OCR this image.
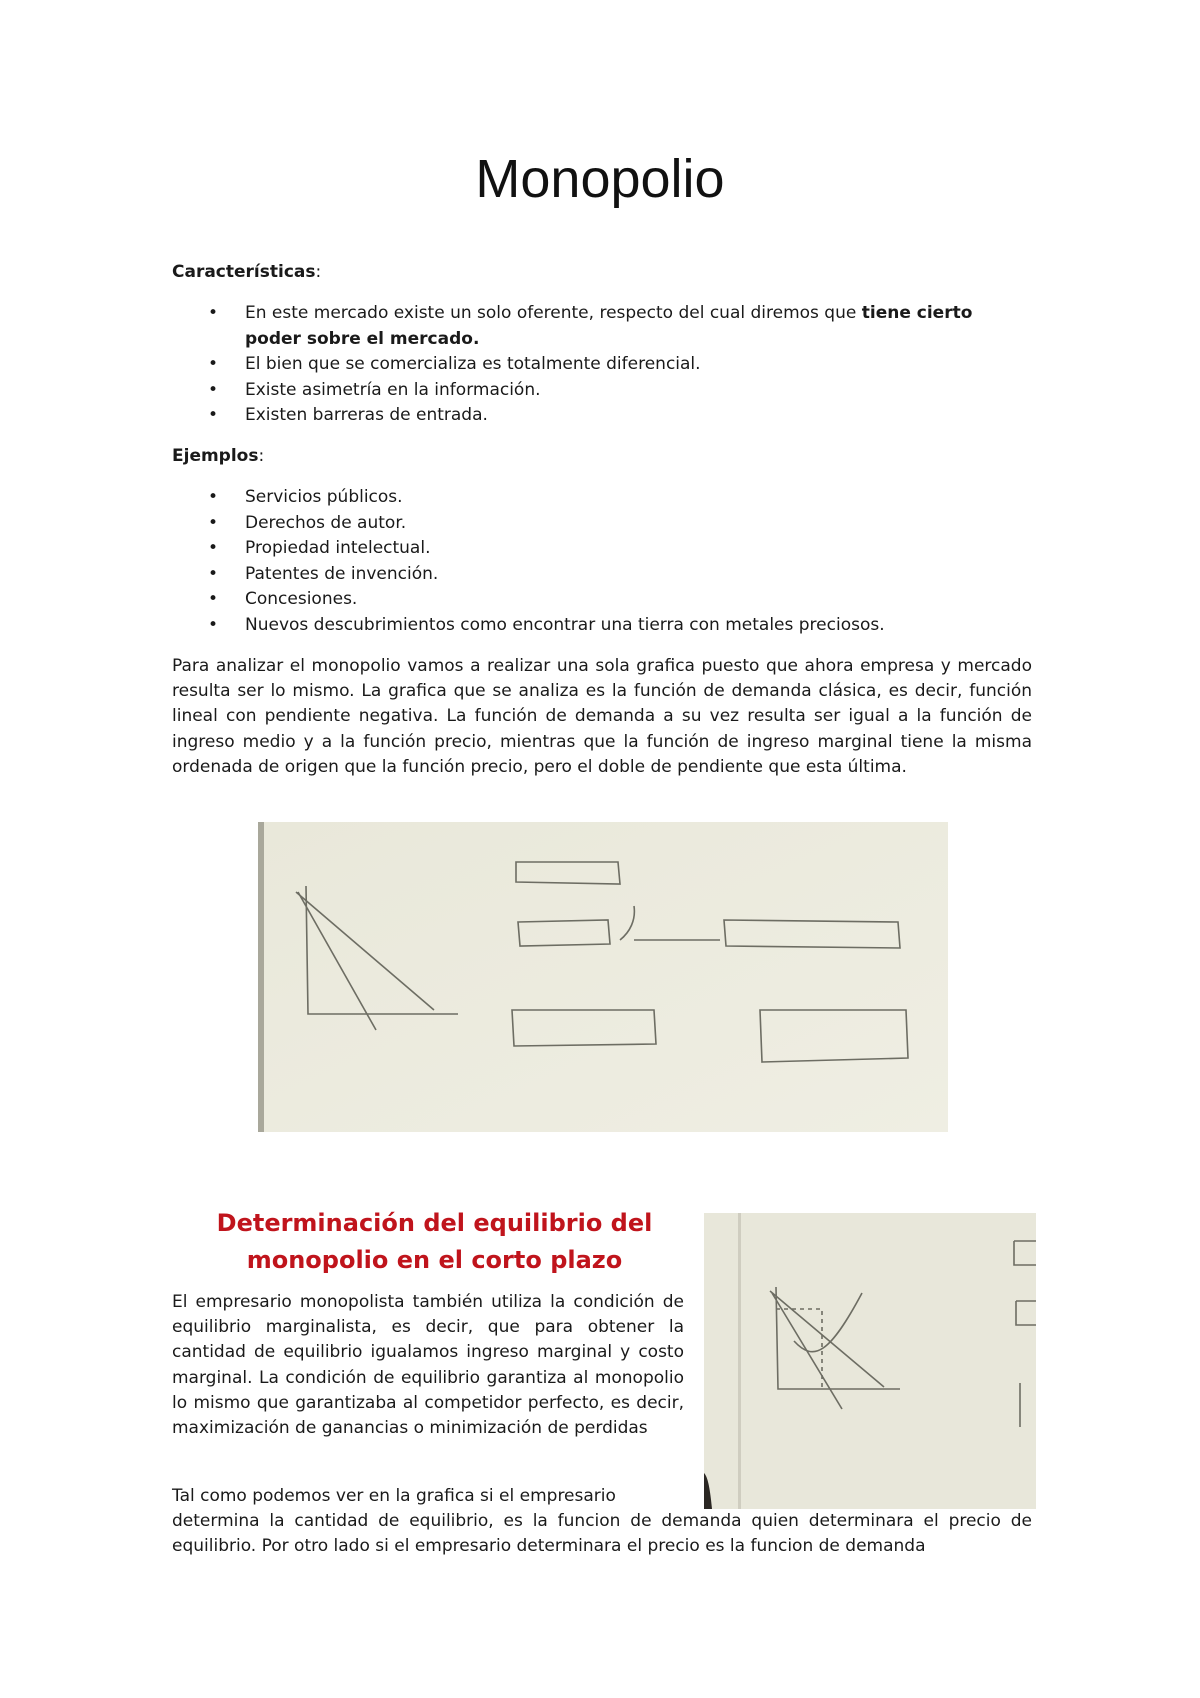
Monopolio

Características:

• En este mercado existe un solo oferente, respecto del cual diremos que tiene cierto poder sobre el mercado.
• El bien que se comercializa es totalmente diferencial.
• Existe asimetría en la información.
• Existen barreras de entrada.

Ejemplos:

• Servicios públicos.
• Derechos de autor.
• Propiedad intelectual.
• Patentes de invención.
• Concesiones.
• Nuevos descubrimientos como encontrar una tierra con metales preciosos.

Para analizar el monopolio vamos a realizar una sola grafica puesto que ahora empresa y mercado resulta ser lo mismo. La grafica que se analiza es la función de demanda clásica, es decir, función lineal con pendiente negativa. La función de demanda a su vez resulta ser igual a la función de ingreso medio y a la función precio, mientras que la función de ingreso marginal tiene la misma ordenada de origen que la función precio, pero el doble de pendiente que esta última.

Determinación del equilibrio del monopolio en el corto plazo

El empresario monopolista también utiliza la condición de equilibrio marginalista, es decir, que para obtener la cantidad de equilibrio igualamos ingreso marginal y costo marginal. La condición de equilibrio garantiza al monopolio lo mismo que garantizaba al competidor perfecto, es decir, maximización de ganancias o minimización de perdidas

Tal como podemos ver en la grafica si el empresario

determina la cantidad de equilibrio, es la funcion de demanda quien determinara el precio de equilibrio. Por otro lado si el empresario determinara el precio es la funcion de demanda
